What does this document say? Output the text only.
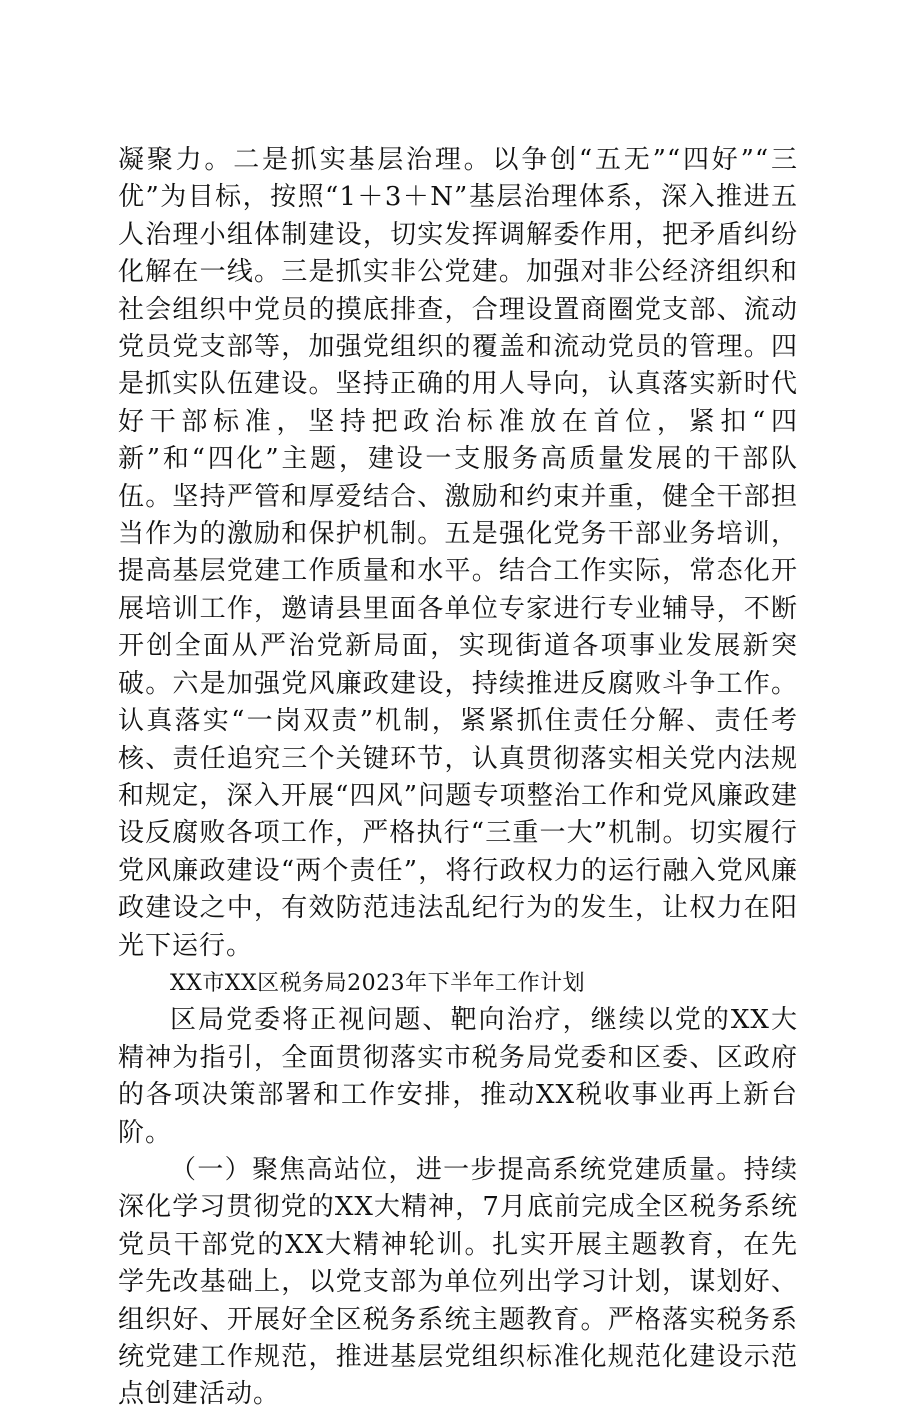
凝聚力。二是抓实基层治理。以争创“五无”“四好”“三优”为目标，按照“1＋3＋N”基层治理体系，深入推进五人治理小组体制建设，切实发挥调解委作用，把矛盾纠纷化解在一线。三是抓实非公党建。加强对非公经济组织和社会组织中党员的摸底排查，合理设置商圈党支部、流动党员党支部等，加强党组织的覆盖和流动党员的管理。四是抓实队伍建设。坚持正确的用人导向，认真落实新时代好干部标准，坚持把政治标准放在首位，紧扣“四新”和“四化”主题，建设一支服务高质量发展的干部队伍。坚持严管和厚爱结合、激励和约束并重，健全干部担当作为的激励和保护机制。五是强化党务干部业务培训，提高基层党建工作质量和水平。结合工作实际，常态化开展培训工作，邀请县里面各单位专家进行专业辅导，不断开创全面从严治党新局面，实现街道各项事业发展新突破。六是加强党风廉政建设，持续推进反腐败斗争工作。认真落实“一岗双责”机制，紧紧抓住责任分解、责任考核、责任追究三个关键环节，认真贯彻落实相关党内法规和规定，深入开展“四风”问题专项整治工作和党风廉政建设反腐败各项工作，严格执行“三重一大”机制。切实履行党风廉政建设“两个责任”，将行政权力的运行融入党风廉政建设之中，有效防范违法乱纪行为的发生，让权力在阳光下运行。

XX市XX区税务局2023年下半年工作计划

区局党委将正视问题、靶向治疗，继续以党的XX大精神为指引，全面贯彻落实市税务局党委和区委、区政府的各项决策部署和工作安排，推动XX税收事业再上新台阶。

（一）聚焦高站位，进一步提高系统党建质量。持续深化学习贯彻党的XX大精神，7月底前完成全区税务系统党员干部党的XX大精神轮训。扎实开展主题教育，在先学先改基础上，以党支部为单位列出学习计划，谋划好、组织好、开展好全区税务系统主题教育。严格落实税务系统党建工作规范，推进基层党组织标准化规范化建设示范点创建活动。
